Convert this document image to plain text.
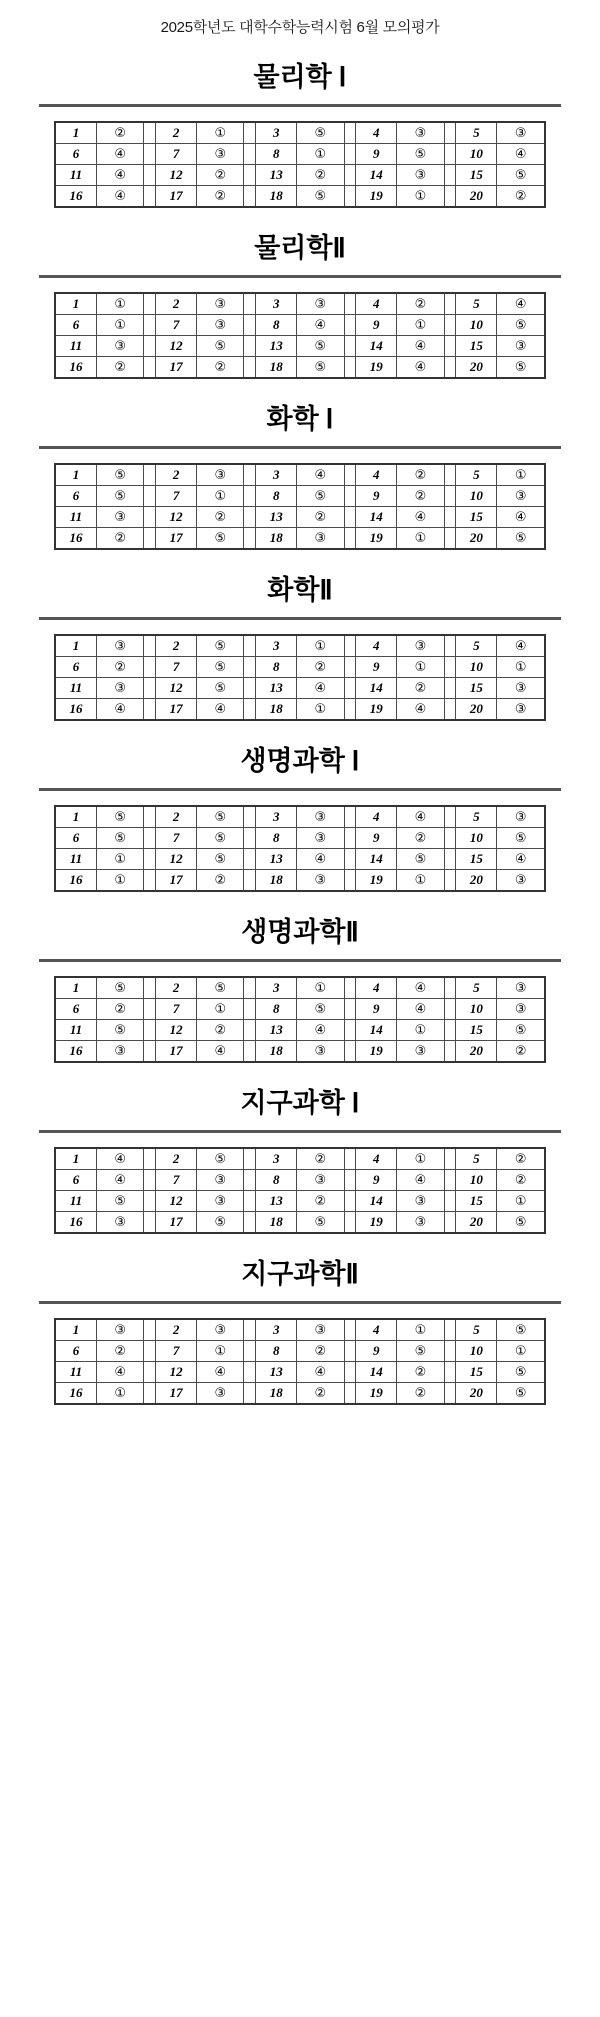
2025학년도 대학수학능력시험 6월 모의평가
물리학 Ⅰ
1	②		2	①		3	⑤		4	③		5	③
6	④		7	③		8	①		9	⑤		10	④
11	④		12	②		13	②		14	③		15	⑤
16	④		17	②		18	⑤		19	①		20	②
물리학Ⅱ
1	①		2	③		3	③		4	②		5	④
6	①		7	③		8	④		9	①		10	⑤
11	③		12	⑤		13	⑤		14	④		15	③
16	②		17	②		18	⑤		19	④		20	⑤
화학 Ⅰ
1	⑤		2	③		3	④		4	②		5	①
6	⑤		7	①		8	⑤		9	②		10	③
11	③		12	②		13	②		14	④		15	④
16	②		17	⑤		18	③		19	①		20	⑤
화학Ⅱ
1	③		2	⑤		3	①		4	③		5	④
6	②		7	⑤		8	②		9	①		10	①
11	③		12	⑤		13	④		14	②		15	③
16	④		17	④		18	①		19	④		20	③
생명과학 Ⅰ
1	⑤		2	⑤		3	③		4	④		5	③
6	⑤		7	⑤		8	③		9	②		10	⑤
11	①		12	⑤		13	④		14	⑤		15	④
16	①		17	②		18	③		19	①		20	③
생명과학Ⅱ
1	⑤		2	⑤		3	①		4	④		5	③
6	②		7	①		8	⑤		9	④		10	③
11	⑤		12	②		13	④		14	①		15	⑤
16	③		17	④		18	③		19	③		20	②
지구과학 Ⅰ
1	④		2	⑤		3	②		4	①		5	②
6	④		7	③		8	③		9	④		10	②
11	⑤		12	③		13	②		14	③		15	①
16	③		17	⑤		18	⑤		19	③		20	⑤
지구과학Ⅱ
1	③		2	③		3	③		4	①		5	⑤
6	②		7	①		8	②		9	⑤		10	①
11	④		12	④		13	④		14	②		15	⑤
16	①		17	③		18	②		19	②		20	⑤
